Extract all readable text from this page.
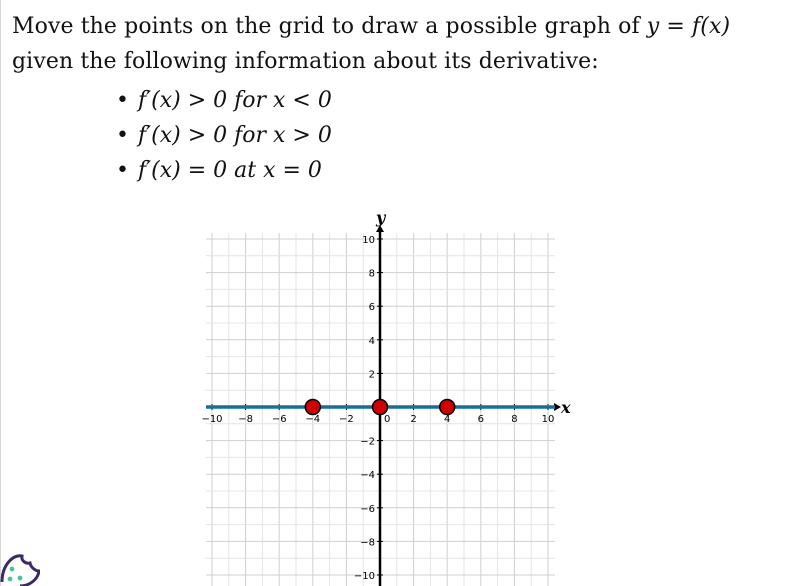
Move the points on the grid to draw a possible graph of y = f(x)
given the following information about its derivative:
• f′(x) > 0 for x < 0
• f′(x) > 0 for x > 0
• f′(x) = 0 at x = 0
−10 −8 −6 −4 −2	0 2	4	6	8 10
10
8
6
4
2
−2
−4
−6
−8
−10
x
y
